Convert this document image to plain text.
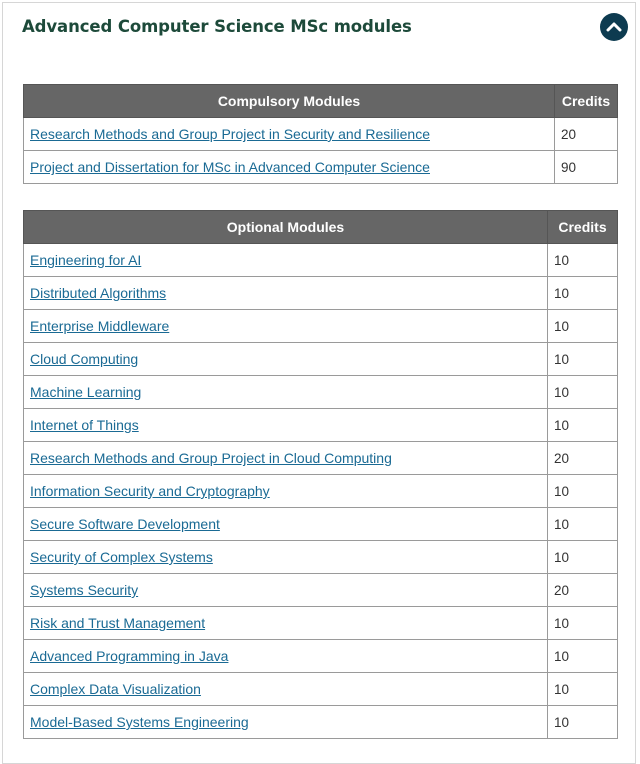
Advanced Computer Science MSc modules
Compulsory Modules	Credits
Research Methods and Group Project in Security and Resilience	20
Project and Dissertation for MSc in Advanced Computer Science	90
Optional Modules	Credits
Engineering for AI	10
Distributed Algorithms	10
Enterprise Middleware	10
Cloud Computing	10
Machine Learning	10
Internet of Things	10
Research Methods and Group Project in Cloud Computing	20
Information Security and Cryptography	10
Secure Software Development	10
Security of Complex Systems	10
Systems Security	20
Risk and Trust Management	10
Advanced Programming in Java	10
Complex Data Visualization	10
Model-Based Systems Engineering	10
